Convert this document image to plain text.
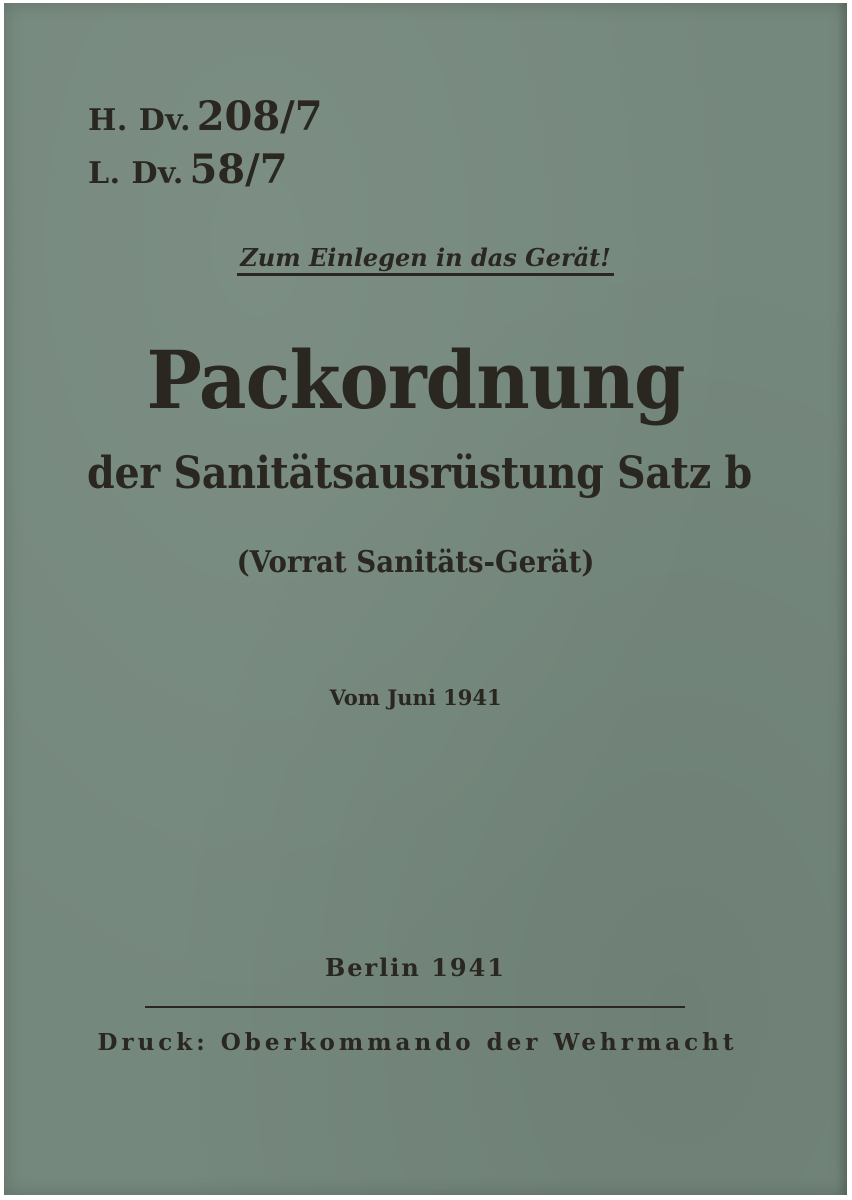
H. Dv. 208/7
L. Dv. 58/7
Zum Einlegen in das Gerät!
Packordnung
der Sanitätsausrüstung Satz b
(Vorrat Sanitäts-Gerät)
Vom Juni 1941
Berlin 1941
Druck: Oberkommando der Wehrmacht
